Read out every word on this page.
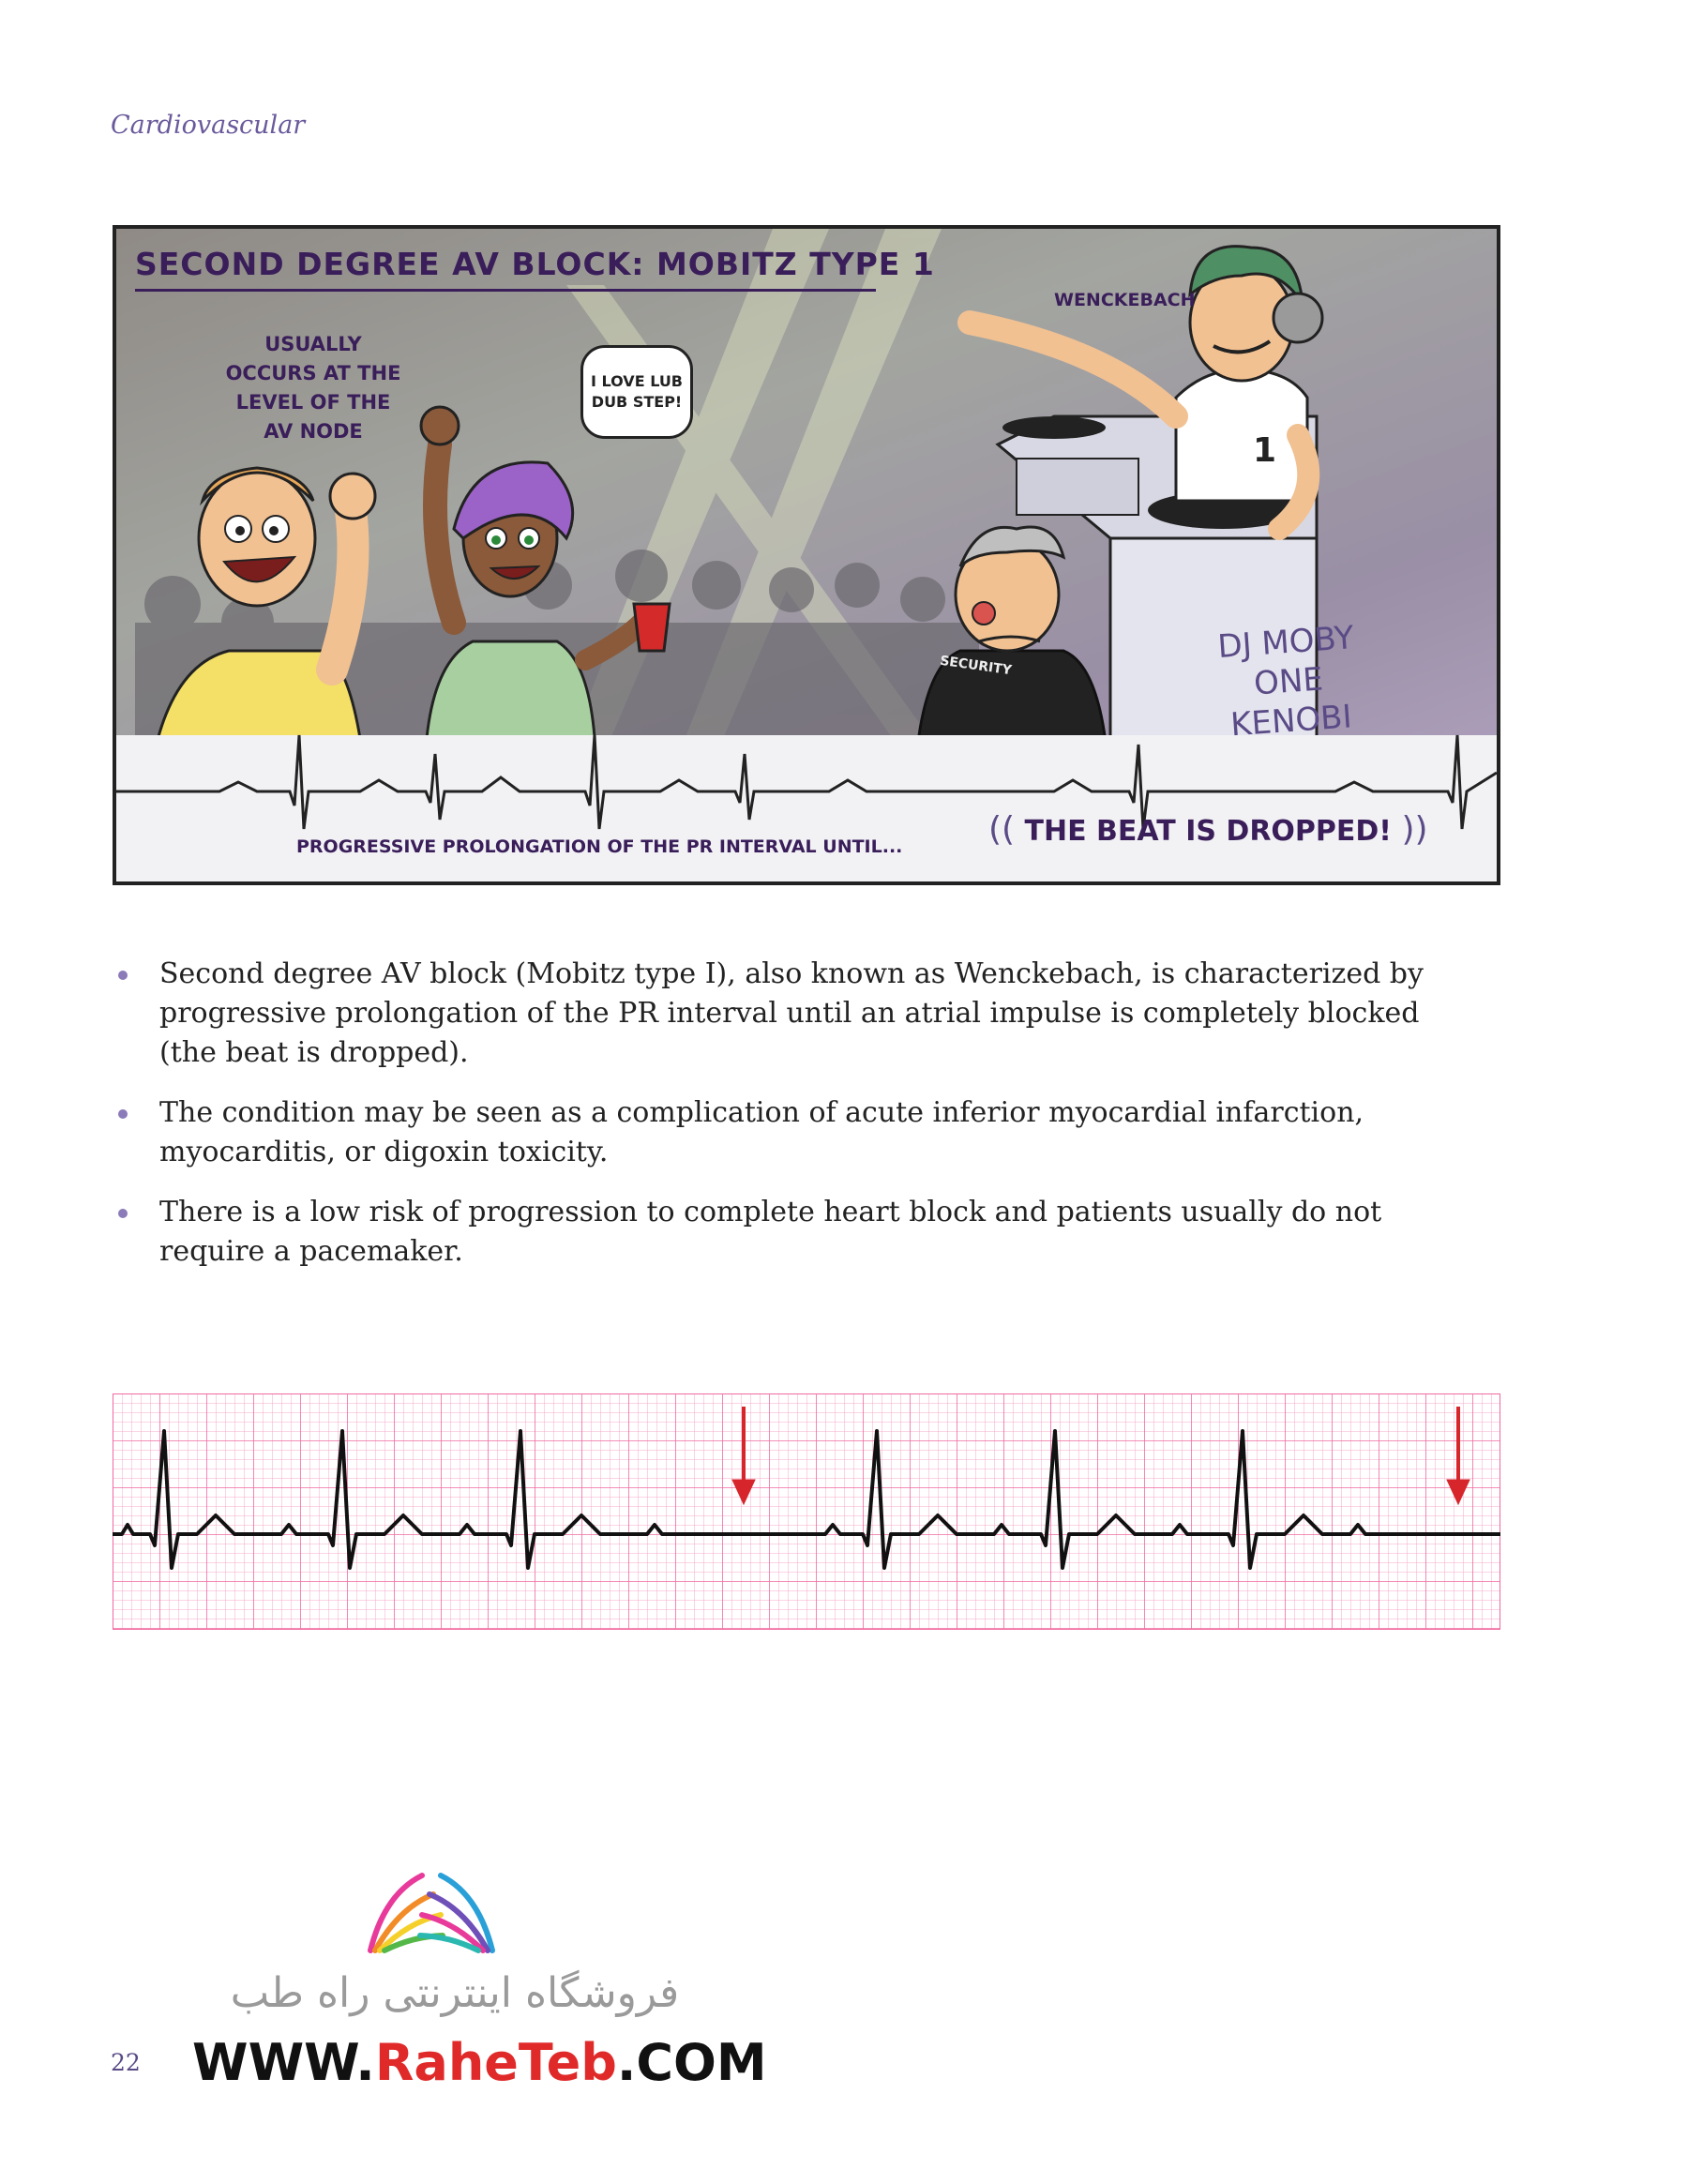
Cardiovascular
SECOND DEGREE AV BLOCK: MOBITZ TYPE 1
USUALLY OCCURS AT THE LEVEL OF THE AV NODE
I LOVE LUB DUB STEP!
WENCKEBACH
1
SECURITY	DJ MOBY ONE KENOBI
PROGRESSIVE PROLONGATION OF THE PR INTERVAL UNTIL...	(( THE BEAT IS DROPPED! ))
Second degree AV block (Mobitz type I), also known as Wenckebach, is characterized by progressive prolongation of the PR interval until an atrial impulse is completely blocked (the beat is dropped).
The condition may be seen as a complication of acute inferior myocardial infarction, myocarditis, or digoxin toxicity.
There is a low risk of progression to complete heart block and patients usually do not require a pacemaker.
فروشگاه اینترنتی راه طب
WWW.RaheTeb.COM
22
